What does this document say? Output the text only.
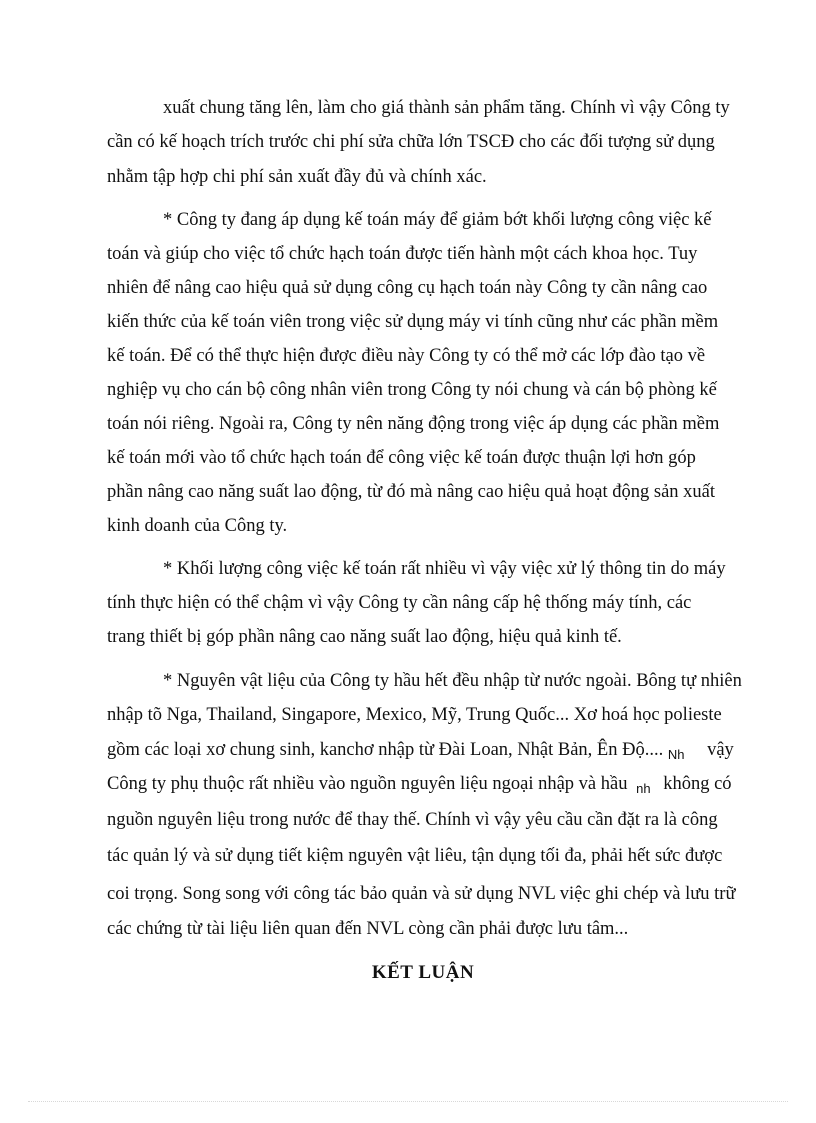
xuất chung tăng lên, làm cho giá thành sản phẩm tăng. Chính vì vậy Công ty
cần có kế hoạch trích trước chi phí sửa chữa lớn TSCĐ cho các đối tượng sử dụng
nhằm tập hợp chi phí sản xuất đầy đủ và chính xác.
* Công ty đang áp dụng kế toán máy để giảm bớt khối lượng công việc kế
toán và giúp cho việc tổ chức hạch toán được tiến hành một cách khoa học. Tuy
nhiên để nâng cao hiệu quả sử dụng công cụ hạch toán này Công ty cần nâng cao
kiến thức của kế toán viên trong việc sử dụng máy vi tính cũng như các phần mềm
kế toán. Để có thể thực hiện được điều này Công ty có thể mở các lớp đào tạo về
nghiệp vụ cho cán bộ công nhân viên trong Công ty nói chung và cán bộ phòng kế
toán nói riêng. Ngoài ra, Công ty nên năng động trong việc áp dụng các phần mềm
kế toán mới vào tổ chức hạch toán để công việc kế toán được thuận lợi hơn góp
phần nâng cao năng suất lao động, từ đó mà nâng cao hiệu quả hoạt động sản xuất
kinh doanh của Công ty.
* Khối lượng công việc kế toán rất nhiều vì vậy việc xử lý thông tin do máy
tính thực hiện có thể chậm vì vậy Công ty cần nâng cấp hệ thống máy tính, các
trang thiết bị góp phần nâng cao năng suất lao động, hiệu quả kinh tế.
* Nguyên vật liệu của Công ty hầu hết đều nhập từ nước ngoài. Bông tự nhiên
nhập tõ Nga, Thailand, Singapore, Mexico, Mỹ, Trung Quốc... Xơ hoá học polieste
gồm các loại xơ chung sinh, kanchơ nhập từ Đài Loan, Nhật Bản, Ên Độ.... $_{Nh}$ vậy
Công ty phụ thuộc rất nhiều vào nguồn nguyên liệu ngoại nhập và hầu $_{nh}$ không có
nguồn nguyên liệu trong nước để thay thế. Chính vì vậy yêu cầu cần đặt ra là công
tác quản lý và sử dụng tiết kiệm nguyên vật liêu, tận dụng tối đa, phải hết sức được
coi trọng. Song song với công tác bảo quản và sử dụng NVL việc ghi chép và lưu trữ
các chứng từ tài liệu liên quan đến NVL còng cần phải được lưu tâm...
KẾT LUẬN
